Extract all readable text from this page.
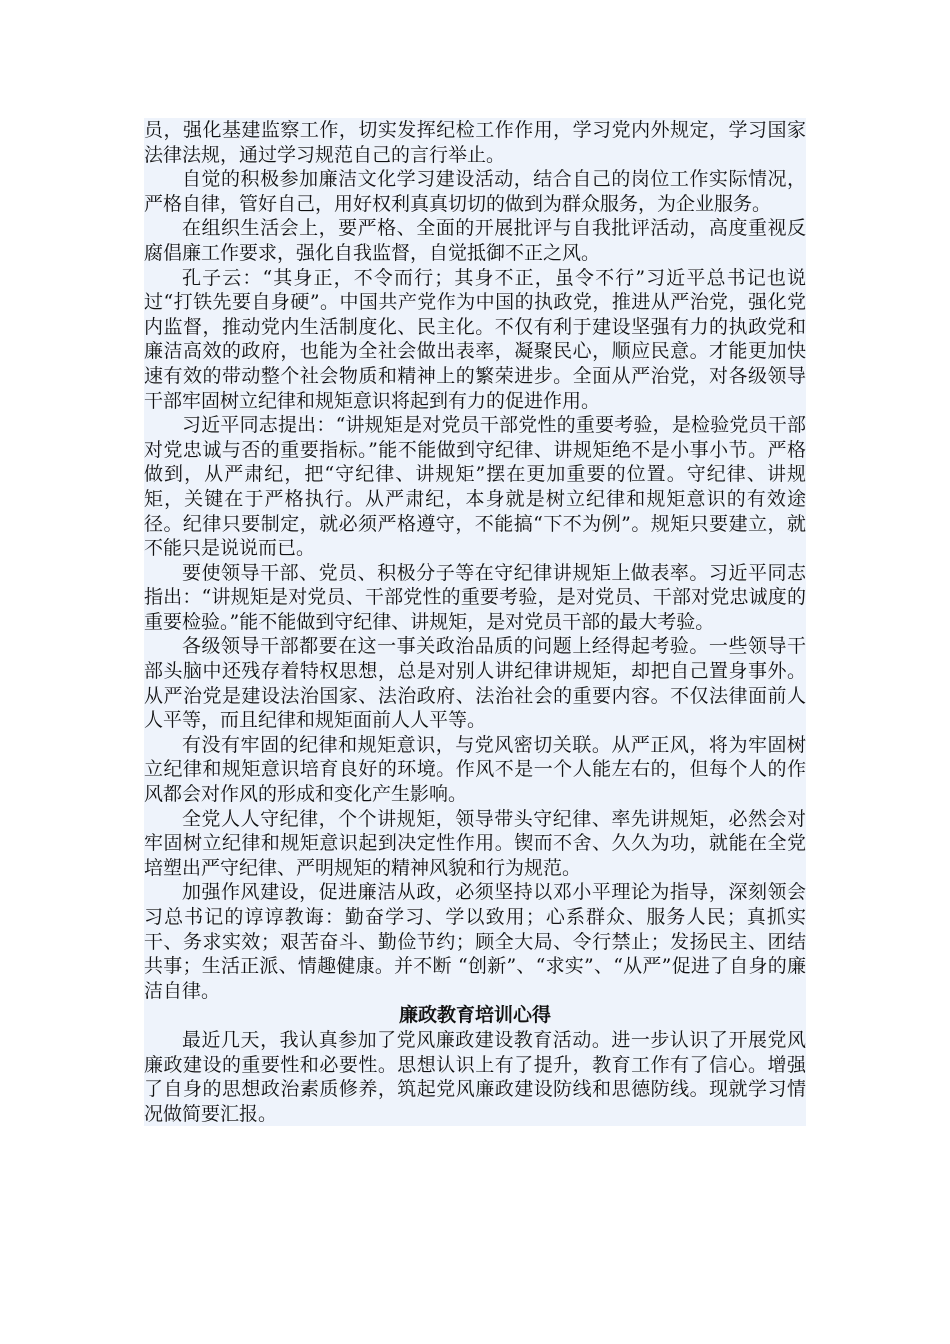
员，强化基建监察工作，切实发挥纪检工作作用，学习党内外规定，学习国家法律法规，通过学习规范自己的言行举止。

自觉的积极参加廉洁文化学习建设活动，结合自己的岗位工作实际情况，严格自律，管好自己，用好权利真真切切的做到为群众服务，为企业服务。

在组织生活会上，要严格、全面的开展批评与自我批评活动，高度重视反腐倡廉工作要求，强化自我监督，自觉抵御不正之风。

孔子云：“其身正，不令而行；其身不正，虽令不行”习近平总书记也说过“打铁先要自身硬”。中国共产党作为中国的执政党，推进从严治党，强化党内监督，推动党内生活制度化、民主化。不仅有利于建设坚强有力的执政党和廉洁高效的政府，也能为全社会做出表率，凝聚民心，顺应民意。才能更加快速有效的带动整个社会物质和精神上的繁荣进步。全面从严治党，对各级领导干部牢固树立纪律和规矩意识将起到有力的促进作用。

习近平同志提出：“讲规矩是对党员干部党性的重要考验，是检验党员干部对党忠诚与否的重要指标。”能不能做到守纪律、讲规矩绝不是小事小节。严格做到，从严肃纪，把“守纪律、讲规矩”摆在更加重要的位置。守纪律、讲规矩，关键在于严格执行。从严肃纪，本身就是树立纪律和规矩意识的有效途径。纪律只要制定，就必须严格遵守，不能搞“下不为例”。规矩只要建立，就不能只是说说而已。

要使领导干部、党员、积极分子等在守纪律讲规矩上做表率。习近平同志指出：“讲规矩是对党员、干部党性的重要考验，是对党员、干部对党忠诚度的重要检验。”能不能做到守纪律、讲规矩，是对党员干部的最大考验。

各级领导干部都要在这一事关政治品质的问题上经得起考验。一些领导干部头脑中还残存着特权思想，总是对别人讲纪律讲规矩，却把自己置身事外。从严治党是建设法治国家、法治政府、法治社会的重要内容。不仅法律面前人人平等，而且纪律和规矩面前人人平等。

有没有牢固的纪律和规矩意识，与党风密切关联。从严正风，将为牢固树立纪律和规矩意识培育良好的环境。作风不是一个人能左右的，但每个人的作风都会对作风的形成和变化产生影响。

全党人人守纪律，个个讲规矩，领导带头守纪律、率先讲规矩，必然会对牢固树立纪律和规矩意识起到决定性作用。锲而不舍、久久为功，就能在全党培塑出严守纪律、严明规矩的精神风貌和行为规范。

加强作风建设，促进廉洁从政，必须坚持以邓小平理论为指导，深刻领会习总书记的谆谆教诲：勤奋学习、学以致用；心系群众、服务人民；真抓实干、务求实效；艰苦奋斗、勤俭节约；顾全大局、令行禁止；发扬民主、团结共事；生活正派、情趣健康。并不断 “创新”、“求实”、“从严”促进了自身的廉洁自律。

廉政教育培训心得

最近几天，我认真参加了党风廉政建设教育活动。进一步认识了开展党风廉政建设的重要性和必要性。思想认识上有了提升，教育工作有了信心。增强了自身的思想政治素质修养，筑起党风廉政建设防线和思德防线。现就学习情况做简要汇报。
